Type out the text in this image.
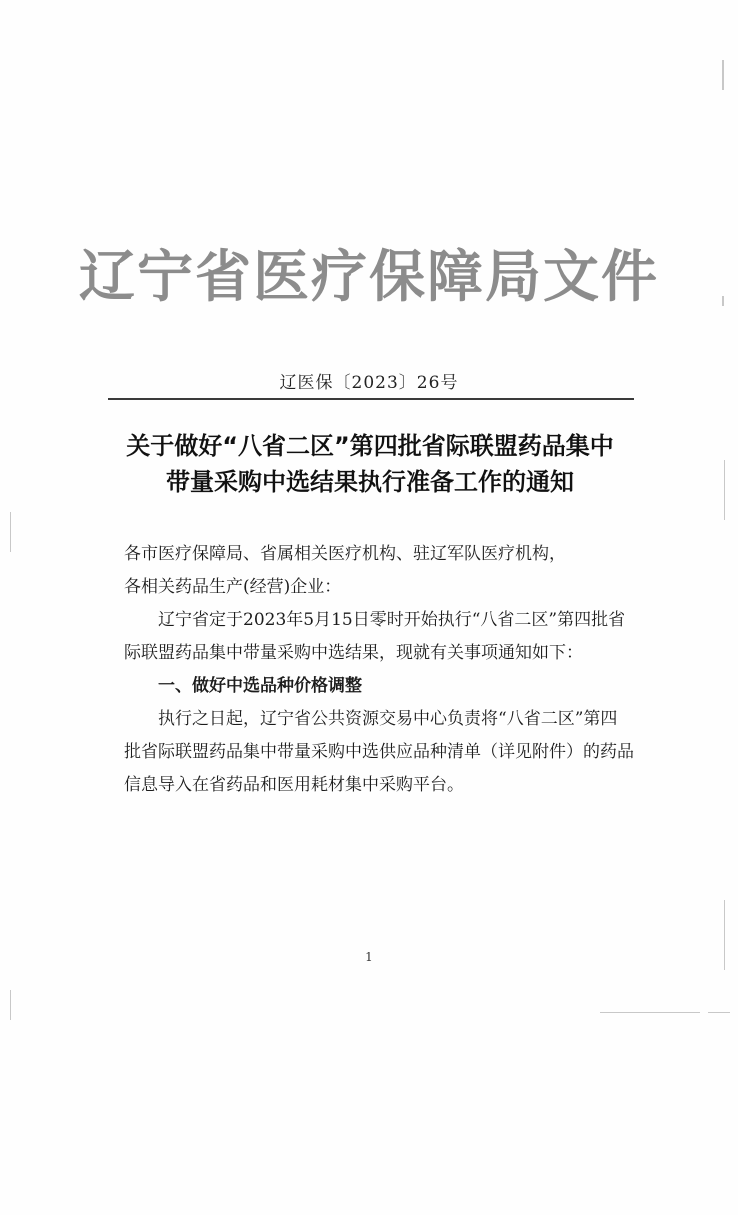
辽宁省医疗保障局文件
辽医保〔2023〕26号
关于做好“八省二区”第四批省际联盟药品集中
带量采购中选结果执行准备工作的通知

各市医疗保障局、省属相关医疗机构、驻辽军队医疗机构，

各相关药品生产(经营)企业：

辽宁省定于2023年5月15日零时开始执行“八省二区”第四批省际联盟药品集中带量采购中选结果，现就有关事项通知如下：

一、做好中选品种价格调整

执行之日起，辽宁省公共资源交易中心负责将“八省二区”第四批省际联盟药品集中带量采购中选供应品种清单（详见附件）的药品信息导入在省药品和医用耗材集中采购平台。

1
